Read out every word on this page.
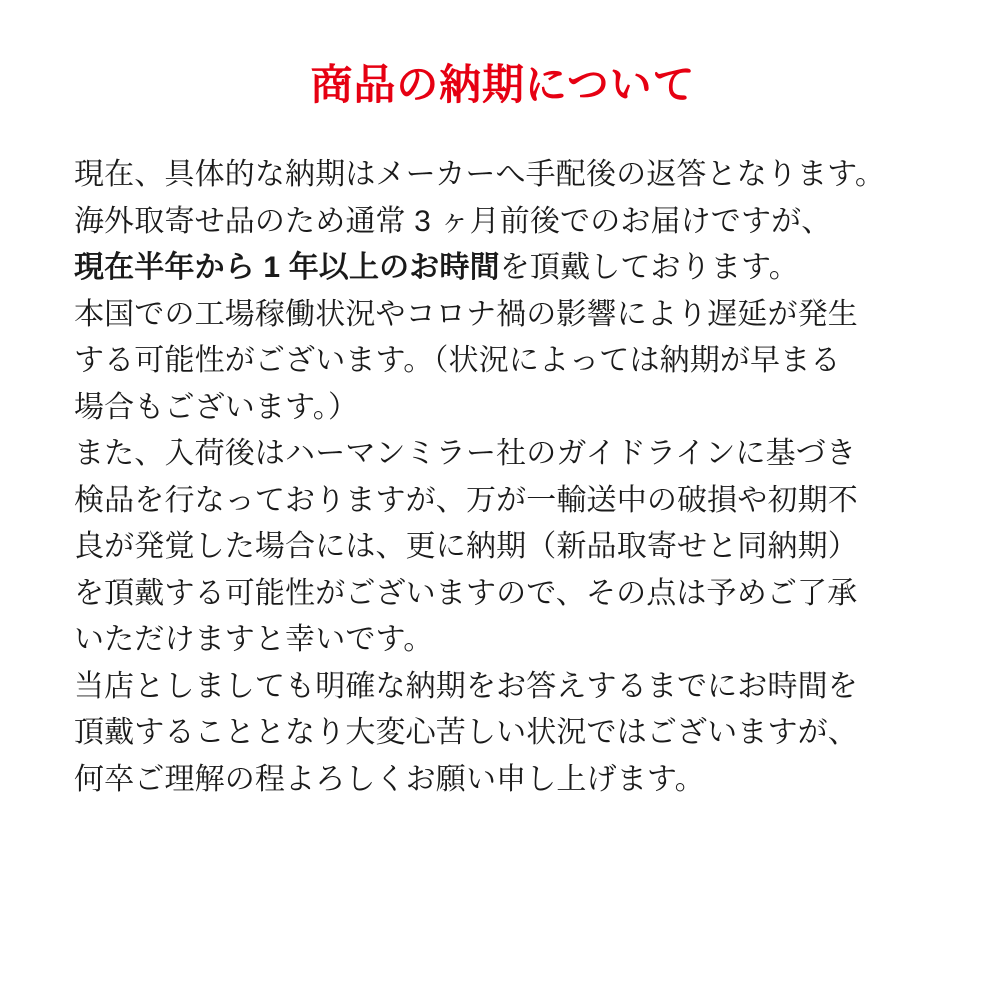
商品の納期について

現在、具体的な納期はメーカーへ手配後の返答となります。
海外取寄せ品のため通常 3 ヶ月前後でのお届けですが、
現在半年から 1 年以上のお時間を頂戴しております。

本国での工場稼働状況やコロナ禍の影響により遅延が発生
する可能性がございます。（状況によっては納期が早まる
場合もございます。）

また、入荷後はハーマンミラー社のガイドラインに基づき
検品を行なっておりますが、万が一輸送中の破損や初期不
良が発覚した場合には、更に納期（新品取寄せと同納期）
を頂戴する可能性がございますので、その点は予めご了承
いただけますと幸いです。

当店としましても明確な納期をお答えするまでにお時間を
頂戴することとなり大変心苦しい状況ではございますが、
何卒ご理解の程よろしくお願い申し上げます。
